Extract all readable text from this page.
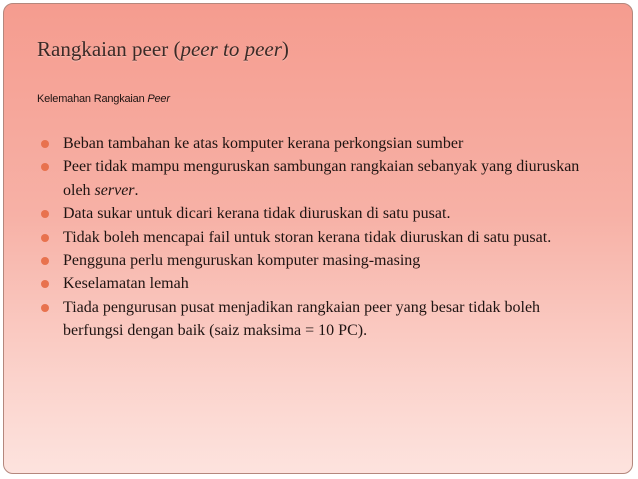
Rangkaian peer (peer to peer)
Kelemahan Rangkaian Peer
Beban tambahan ke atas komputer kerana perkongsian sumber
Peer tidak mampu menguruskan sambungan rangkaian sebanyak yang diuruskan oleh server.
Data sukar untuk dicari kerana tidak diuruskan di satu pusat.
Tidak boleh mencapai fail untuk storan kerana tidak diuruskan di satu pusat.
Pengguna perlu menguruskan komputer masing-masing
Keselamatan lemah
Tiada pengurusan pusat menjadikan rangkaian peer yang besar tidak boleh berfungsi dengan baik (saiz maksima = 10 PC).
